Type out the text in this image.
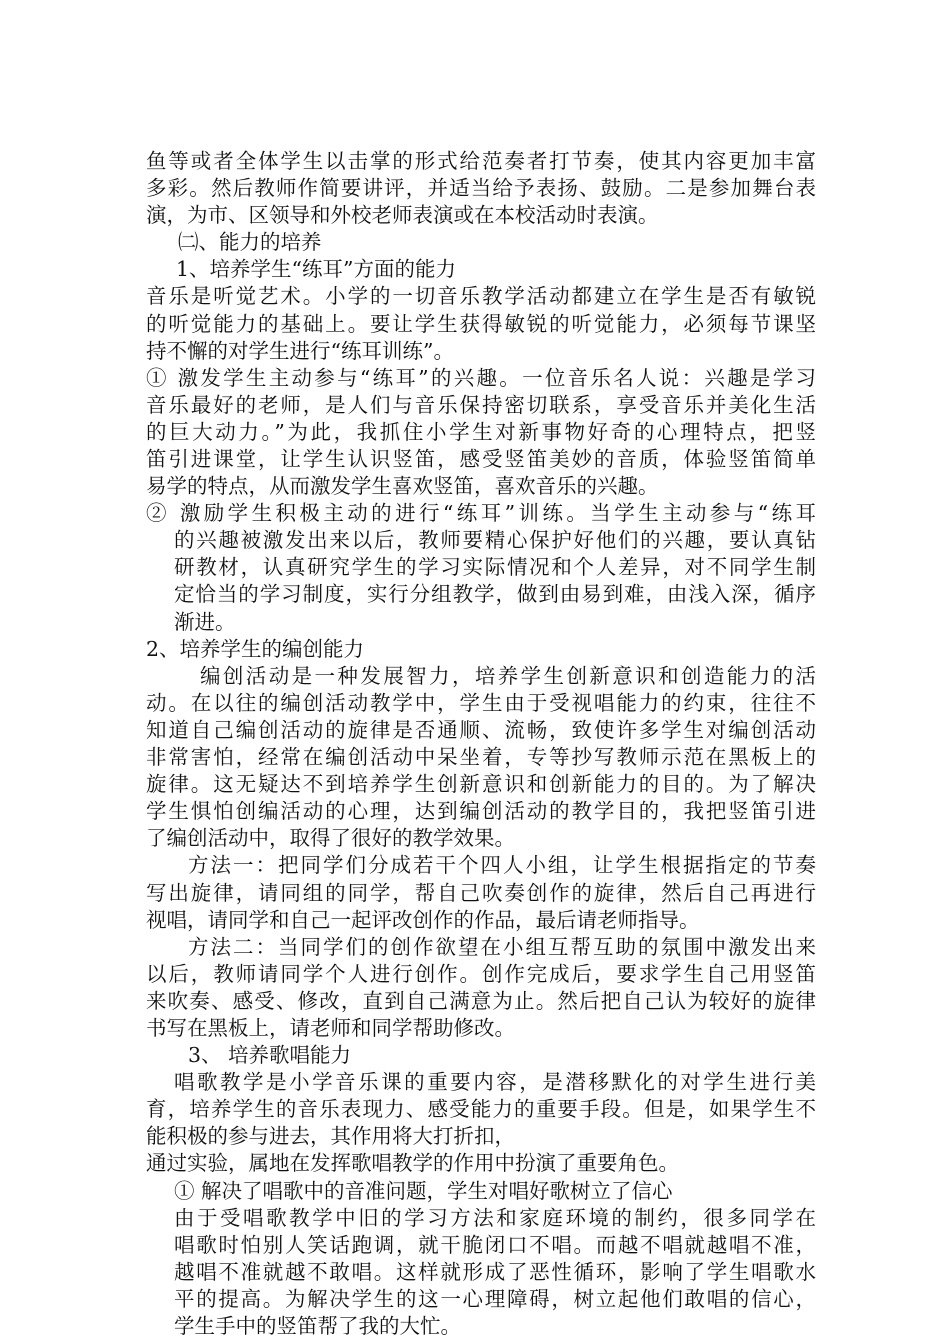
鱼等或者全体学生以击掌的形式给范奏者打节奏，使其内容更加丰富
多彩。然后教师作简要讲评，并适当给予表扬、鼓励。二是参加舞台表
演，为市、区领导和外校老师表演或在本校活动时表演。
㈡、能力的培养
1、培养学生“练耳”方面的能力
音乐是听觉艺术。小学的一切音乐教学活动都建立在学生是否有敏锐
的听觉能力的基础上。要让学生获得敏锐的听觉能力，必须每节课坚
持不懈的对学生进行“练耳训练”。
① 激发学生主动参与“练耳”的兴趣。一位音乐名人说：兴趣是学习
音乐最好的老师，是人们与音乐保持密切联系，享受音乐并美化生活
的巨大动力。”为此，我抓住小学生对新事物好奇的心理特点，把竖
笛引进课堂，让学生认识竖笛，感受竖笛美妙的音质，体验竖笛简单
易学的特点，从而激发学生喜欢竖笛，喜欢音乐的兴趣。
② 激励学生积极主动的进行“练耳”训练。当学生主动参与“练耳
的兴趣被激发出来以后，教师要精心保护好他们的兴趣，要认真钻
研教材，认真研究学生的学习实际情况和个人差异，对不同学生制
定恰当的学习制度，实行分组教学，做到由易到难，由浅入深，循序
渐进。
2、培养学生的编创能力
编创活动是一种发展智力，培养学生创新意识和创造能力的活
动。在以往的编创活动教学中，学生由于受视唱能力的约束，往往不
知道自己编创活动的旋律是否通顺、流畅，致使许多学生对编创活动
非常害怕，经常在编创活动中呆坐着，专等抄写教师示范在黑板上的
旋律。这无疑达不到培养学生创新意识和创新能力的目的。为了解决
学生惧怕创编活动的心理，达到编创活动的教学目的，我把竖笛引进
了编创活动中，取得了很好的教学效果。
方法一：把同学们分成若干个四人小组，让学生根据指定的节奏
写出旋律，请同组的同学，帮自己吹奏创作的旋律，然后自己再进行
视唱，请同学和自己一起评改创作的作品，最后请老师指导。
方法二：当同学们的创作欲望在小组互帮互助的氛围中激发出来
以后，教师请同学个人进行创作。创作完成后，要求学生自己用竖笛
来吹奏、感受、修改，直到自己满意为止。然后把自己认为较好的旋律
书写在黑板上，请老师和同学帮助修改。
3、 培养歌唱能力
唱歌教学是小学音乐课的重要内容，是潜移默化的对学生进行美
育，培养学生的音乐表现力、感受能力的重要手段。但是，如果学生不
能积极的参与进去，其作用将大打折扣，
通过实验，属地在发挥歌唱教学的作用中扮演了重要角色。
① 解决了唱歌中的音准问题，学生对唱好歌树立了信心
由于受唱歌教学中旧的学习方法和家庭环境的制约，很多同学在
唱歌时怕别人笑话跑调，就干脆闭口不唱。而越不唱就越唱不准，
越唱不准就越不敢唱。这样就形成了恶性循环，影响了学生唱歌水
平的提高。为解决学生的这一心理障碍，树立起他们敢唱的信心，
学生手中的竖笛帮了我的大忙。
